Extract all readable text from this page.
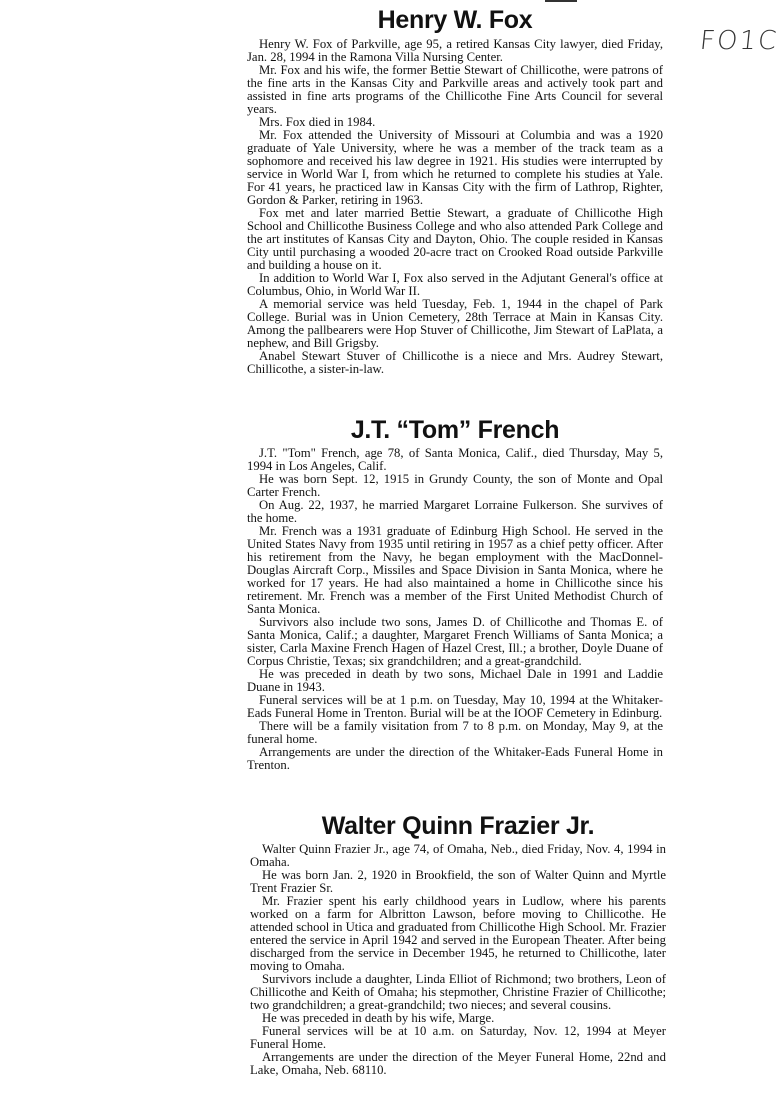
FO1C
Henry W. Fox

Henry W. Fox of Parkville, age 95, a retired Kansas City lawyer, died Friday, Jan. 28, 1994 in the Ramona Villa Nursing Center.

Mr. Fox and his wife, the former Bettie Stewart of Chillicothe, were patrons of the fine arts in the Kansas City and Parkville areas and actively took part and assisted in fine arts programs of the Chillicothe Fine Arts Council for several years.

Mrs. Fox died in 1984.

Mr. Fox attended the University of Missouri at Columbia and was a 1920 graduate of Yale University, where he was a member of the track team as a sophomore and received his law degree in 1921. His studies were interrupted by service in World War I, from which he returned to complete his studies at Yale. For 41 years, he practiced law in Kansas City with the firm of Lathrop, Righter, Gordon & Parker, retiring in 1963.

Fox met and later married Bettie Stewart, a graduate of Chillicothe High School and Chillicothe Business College and who also attended Park College and the art institutes of Kansas City and Dayton, Ohio. The couple resided in Kansas City until purchasing a wooded 20-acre tract on Crooked Road outside Parkville and building a house on it.

In addition to World War I, Fox also served in the Adjutant General's office at Columbus, Ohio, in World War II.

A memorial service was held Tuesday, Feb. 1, 1944 in the chapel of Park College. Burial was in Union Cemetery, 28th Terrace at Main in Kansas City. Among the pallbearers were Hop Stuver of Chillicothe, Jim Stewart of LaPlata, a nephew, and Bill Grigsby.

Anabel Stewart Stuver of Chillicothe is a niece and Mrs. Audrey Stewart, Chillicothe, a sister-in-law.

J.T. “Tom” French

J.T. "Tom" French, age 78, of Santa Monica, Calif., died Thursday, May 5, 1994 in Los Angeles, Calif.

He was born Sept. 12, 1915 in Grundy County, the son of Monte and Opal Carter French.

On Aug. 22, 1937, he married Margaret Lorraine Fulkerson. She survives of the home.

Mr. French was a 1931 graduate of Edinburg High School. He served in the United States Navy from 1935 until retiring in 1957 as a chief petty officer. After his retirement from the Navy, he began employment with the MacDonnel-Douglas Aircraft Corp., Missiles and Space Division in Santa Monica, where he worked for 17 years. He had also maintained a home in Chillicothe since his retirement. Mr. French was a member of the First United Methodist Church of Santa Monica.

Survivors also include two sons, James D. of Chillicothe and Thomas E. of Santa Monica, Calif.; a daughter, Margaret French Williams of Santa Monica; a sister, Carla Maxine French Hagen of Hazel Crest, Ill.; a brother, Doyle Duane of Corpus Christie, Texas; six grandchildren; and a great-grandchild.

He was preceded in death by two sons, Michael Dale in 1991 and Laddie Duane in 1943.

Funeral services will be at 1 p.m. on Tuesday, May 10, 1994 at the Whitaker-Eads Funeral Home in Trenton. Burial will be at the IOOF Cemetery in Edinburg.

There will be a family visitation from 7 to 8 p.m. on Monday, May 9, at the funeral home.

Arrangements are under the direction of the Whitaker-Eads Funeral Home in Trenton.

Walter Quinn Frazier Jr.

Walter Quinn Frazier Jr., age 74, of Omaha, Neb., died Friday, Nov. 4, 1994 in Omaha.

He was born Jan. 2, 1920 in Brookfield, the son of Walter Quinn and Myrtle Trent Frazier Sr.

Mr. Frazier spent his early childhood years in Ludlow, where his parents worked on a farm for Albritton Lawson, before moving to Chillicothe. He attended school in Utica and graduated from Chillicothe High School. Mr. Frazier entered the service in April 1942 and served in the European Theater. After being discharged from the service in December 1945, he returned to Chillicothe, later moving to Omaha.

Survivors include a daughter, Linda Elliot of Richmond; two brothers, Leon of Chillicothe and Keith of Omaha; his stepmother, Christine Frazier of Chillicothe; two grandchildren; a great-grandchild; two nieces; and several cousins.

He was preceded in death by his wife, Marge.

Funeral services will be at 10 a.m. on Saturday, Nov. 12, 1994 at Meyer Funeral Home.

Arrangements are under the direction of the Meyer Funeral Home, 22nd and Lake, Omaha, Neb. 68110.
